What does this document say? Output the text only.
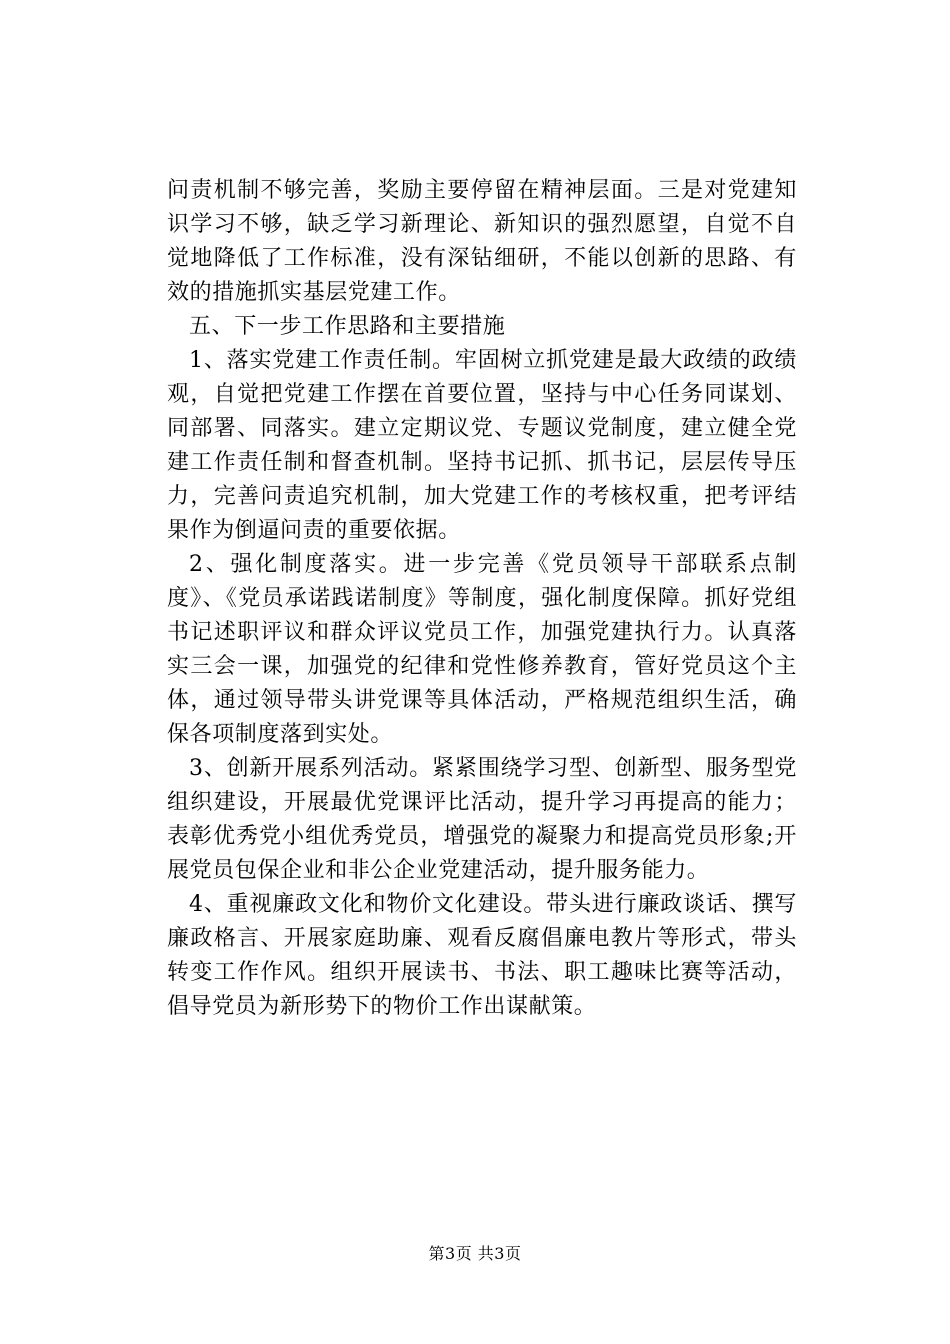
问责机制不够完善，奖励主要停留在精神层面。三是对党建知识学习不够，缺乏学习新理论、新知识的强烈愿望，自觉不自觉地降低了工作标准，没有深钻细研，不能以创新的思路、有效的措施抓实基层党建工作。

五、下一步工作思路和主要措施

1、落实党建工作责任制。牢固树立抓党建是最大政绩的政绩观，自觉把党建工作摆在首要位置，坚持与中心任务同谋划、同部署、同落实。建立定期议党、专题议党制度，建立健全党建工作责任制和督查机制。坚持书记抓、抓书记，层层传导压力，完善问责追究机制，加大党建工作的考核权重，把考评结果作为倒逼问责的重要依据。

2、强化制度落实。进一步完善《党员领导干部联系点制度》、《党员承诺践诺制度》等制度，强化制度保障。抓好党组书记述职评议和群众评议党员工作，加强党建执行力。认真落实三会一课，加强党的纪律和党性修养教育，管好党员这个主体，通过领导带头讲党课等具体活动，严格规范组织生活，确保各项制度落到实处。

3、创新开展系列活动。紧紧围绕学习型、创新型、服务型党组织建设，开展最优党课评比活动，提升学习再提高的能力；表彰优秀党小组优秀党员，增强党的凝聚力和提高党员形象;开展党员包保企业和非公企业党建活动，提升服务能力。

4、重视廉政文化和物价文化建设。带头进行廉政谈话、撰写廉政格言、开展家庭助廉、观看反腐倡廉电教片等形式，带头转变工作作风。组织开展读书、书法、职工趣味比赛等活动，倡导党员为新形势下的物价工作出谋献策。

第3页 共3页
